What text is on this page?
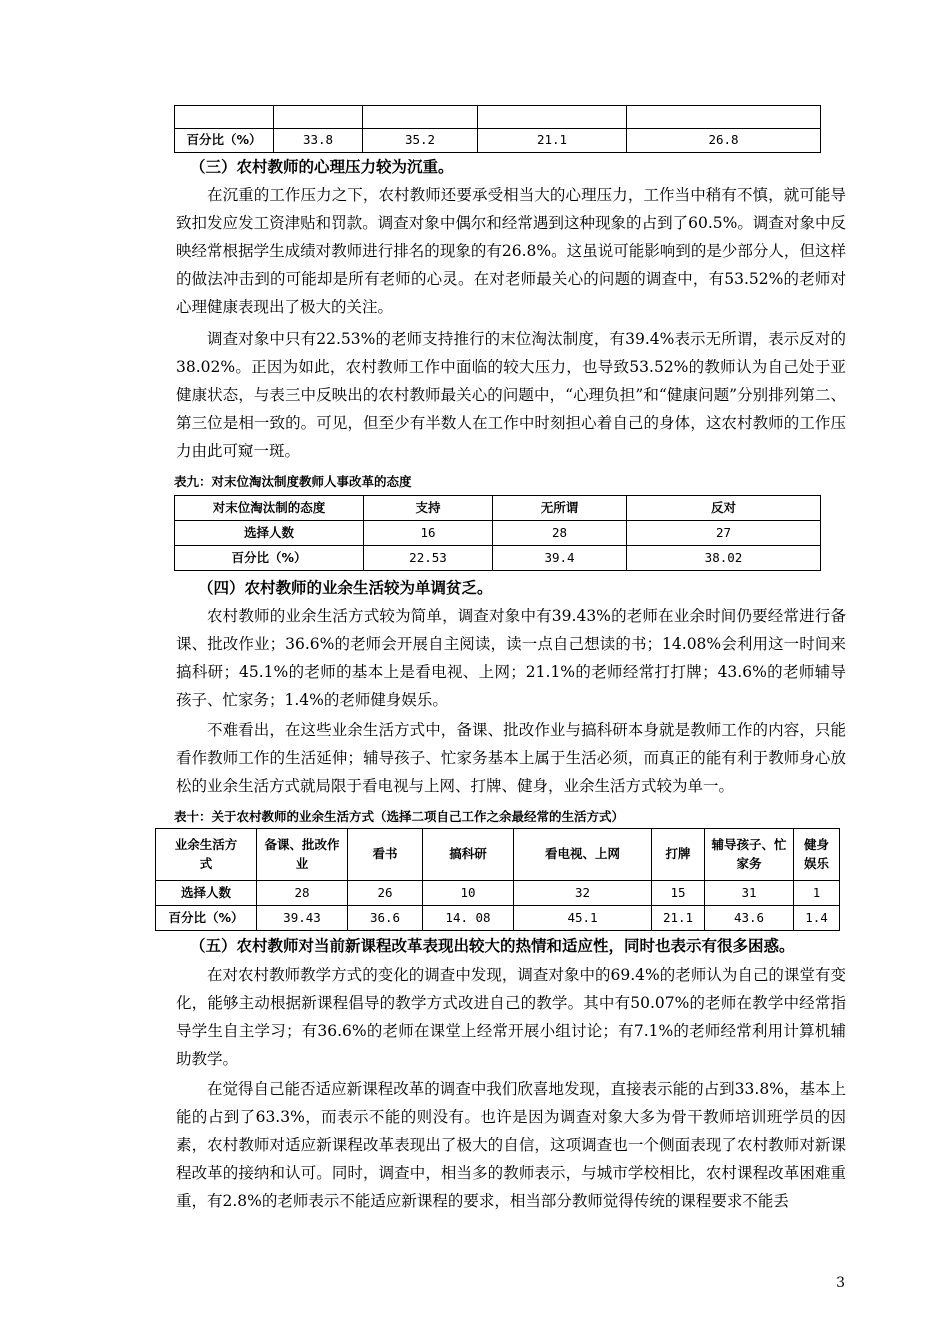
百分比（%）	33.8	35.2	21.1	26.8
（三）农村教师的心理压力较为沉重。

在沉重的工作压力之下，农村教师还要承受相当大的心理压力，工作当中稍有不慎，就可能导致扣发应发工资津贴和罚款。调查对象中偶尔和经常遇到这种现象的占到了60.5%。调查对象中反映经常根据学生成绩对教师进行排名的现象的有26.8%。这虽说可能影响到的是少部分人，但这样的做法冲击到的可能却是所有老师的心灵。在对老师最关心的问题的调查中，有53.52%的老师对心理健康表现出了极大的关注。

调查对象中只有22.53%的老师支持推行的末位淘汰制度，有39.4%表示无所谓，表示反对的38.02%。正因为如此，农村教师工作中面临的较大压力，也导致53.52%的教师认为自己处于亚健康状态，与表三中反映出的农村教师最关心的问题中，“心理负担”和“健康问题”分别排列第二、第三位是相一致的。可见，但至少有半数人在工作中时刻担心着自己的身体，这农村教师的工作压力由此可窥一斑。

表九：对末位淘汰制度教师人事改革的态度
对末位淘汰制的态度	支持	无所谓	反对
选择人数	16	28	27
百分比（%）	22.53	39.4	38.02
（四）农村教师的业余生活较为单调贫乏。

农村教师的业余生活方式较为简单，调查对象中有39.43%的老师在业余时间仍要经常进行备课、批改作业；36.6%的老师会开展自主阅读，读一点自己想读的书；14.08%会利用这一时间来搞科研；45.1%的老师的基本上是看电视、上网；21.1%的老师经常打打牌；43.6%的老师辅导孩子、忙家务；1.4%的老师健身娱乐。

不难看出，在这些业余生活方式中，备课、批改作业与搞科研本身就是教师工作的内容，只能看作教师工作的生活延伸；辅导孩子、忙家务基本上属于生活必须，而真正的能有利于教师身心放松的业余生活方式就局限于看电视与上网、打牌、健身，业余生活方式较为单一。

表十：关于农村教师的业余生活方式（选择二项自己工作之余最经常的生活方式）
业余生活方式	备课、批改作业	看书	搞科研	看电视、上网	打牌	辅导孩子、忙家务	健身娱乐
选择人数	28	26	10	32	15	31	1
百分比（%）	39.43	36.6	14. 08	45.1	21.1	43.6	1.4
（五）农村教师对当前新课程改革表现出较大的热情和适应性，同时也表示有很多困惑。

在对农村教师教学方式的变化的调查中发现，调查对象中的69.4%的老师认为自己的课堂有变化，能够主动根据新课程倡导的教学方式改进自己的教学。其中有50.07%的老师在教学中经常指导学生自主学习；有36.6%的老师在课堂上经常开展小组讨论；有7.1%的老师经常利用计算机辅助教学。

在觉得自己能否适应新课程改革的调查中我们欣喜地发现，直接表示能的占到33.8%，基本上能的占到了63.3%，而表示不能的则没有。也许是因为调查对象大多为骨干教师培训班学员的因素，农村教师对适应新课程改革表现出了极大的自信，这项调查也一个侧面表现了农村教师对新课程改革的接纳和认可。同时，调查中，相当多的教师表示，与城市学校相比，农村课程改革困难重重，有2.8%的老师表示不能适应新课程的要求，相当部分教师觉得传统的课程要求不能丢

3
